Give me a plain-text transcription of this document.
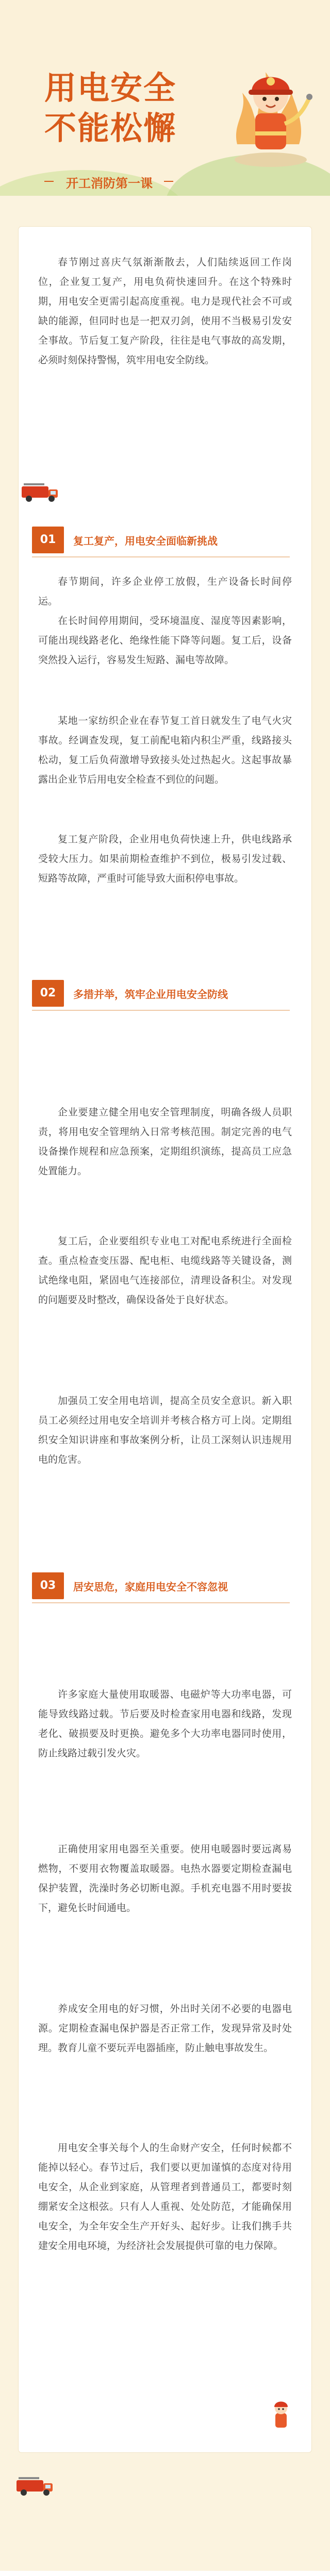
用电安全
不能松懈
开工消防第一课

春节刚过喜庆气氛渐渐散去，人们陆续返回工作岗位，企业复工复产，用电负荷快速回升。在这个特殊时期，用电安全更需引起高度重视。电力是现代社会不可或缺的能源，但同时也是一把双刃剑，使用不当极易引发安全事故。节后复工复产阶段，往往是电气事故的高发期，必须时刻保持警惕，筑牢用电安全防线。

01	复工复产，用电安全面临新挑战

春节期间，许多企业停工放假，生产设备长时间停运。

在长时间停用期间，受环境温度、湿度等因素影响，可能出现线路老化、绝缘性能下降等问题。复工后，设备突然投入运行，容易发生短路、漏电等故障。

某地一家纺织企业在春节复工首日就发生了电气火灾事故。经调查发现，复工前配电箱内积尘严重，线路接头松动，复工后负荷激增导致接头处过热起火。这起事故暴露出企业节后用电安全检查不到位的问题。

复工复产阶段，企业用电负荷快速上升，供电线路承受较大压力。如果前期检查维护不到位，极易引发过载、短路等故障，严重时可能导致大面积停电事故。

02	多措并举，筑牢企业用电安全防线

企业要建立健全用电安全管理制度，明确各级人员职责，将用电安全管理纳入日常考核范围。制定完善的电气设备操作规程和应急预案，定期组织演练，提高员工应急处置能力。

复工后，企业要组织专业电工对配电系统进行全面检查。重点检查变压器、配电柜、电缆线路等关键设备，测试绝缘电阻，紧固电气连接部位，清理设备积尘。对发现的问题要及时整改，确保设备处于良好状态。

加强员工安全用电培训，提高全员安全意识。新入职员工必须经过用电安全培训并考核合格方可上岗。定期组织安全知识讲座和事故案例分析，让员工深刻认识违规用电的危害。

03	居安思危，家庭用电安全不容忽视

许多家庭大量使用取暖器、电磁炉等大功率电器，可能导致线路过载。节后要及时检查家用电器和线路，发现老化、破损要及时更换。避免多个大功率电器同时使用，防止线路过载引发火灾。

正确使用家用电器至关重要。使用电暖器时要远离易燃物，不要用衣物覆盖取暖器。电热水器要定期检查漏电保护装置，洗澡时务必切断电源。手机充电器不用时要拔下，避免长时间通电。

养成安全用电的好习惯，外出时关闭不必要的电器电源。定期检查漏电保护器是否正常工作，发现异常及时处理。教育儿童不要玩弄电器插座，防止触电事故发生。

用电安全事关每个人的生命财产安全，任何时候都不能掉以轻心。春节过后，我们要以更加谨慎的态度对待用电安全，从企业到家庭，从管理者到普通员工，都要时刻绷紧安全这根弦。只有人人重视、处处防范，才能确保用电安全，为全年安全生产开好头、起好步。让我们携手共建安全用电环境，为经济社会发展提供可靠的电力保障。
